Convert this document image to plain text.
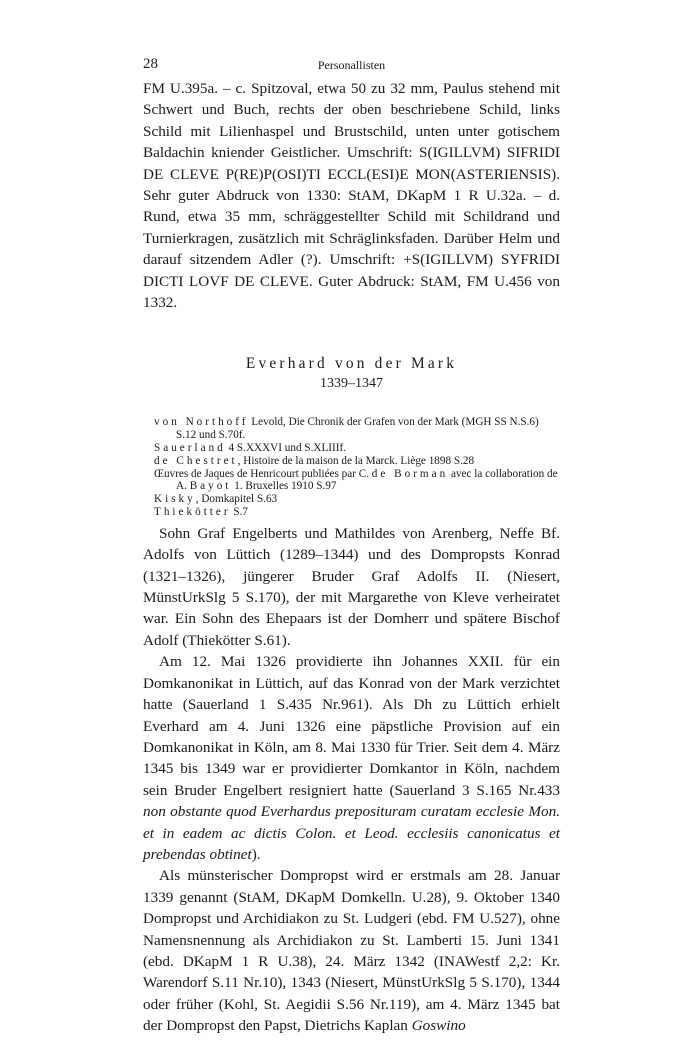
28	Personallisten

FM U.395a. – c. Spitzoval, etwa 50 zu 32 mm, Paulus stehend mit Schwert und Buch, rechts der oben beschriebene Schild, links Schild mit Lilienhaspel und Brustschild, unten unter gotischem Baldachin kniender Geistlicher. Umschrift: S(IGILLVM) SIFRIDI DE CLEVE P(RE)P(OSI)TI ECCL(ESI)E MON(ASTERIENSIS). Sehr guter Abdruck von 1330: StAM, DKapM 1 R U.32a. – d. Rund, etwa 35 mm, schräggestellter Schild mit Schildrand und Turnierkragen, zusätzlich mit Schräglinksfaden. Darüber Helm und darauf sitzendem Adler (?). Umschrift: +S(IGILLVM) SYFRIDI DICTI LOVF DE CLEVE. Guter Abdruck: StAM, FM U.456 von 1332.

Everhard von der Mark
1339–1347
von Northoff Levold, Die Chronik der Grafen von der Mark (MGH SS N.S.6) S.12 und S.70f.
Sauerland 4 S.XXXVI und S.XLIIIf.
de Chestret, Histoire de la maison de la Marck. Liège 1898 S.28
Œuvres de Jaques de Henricourt publiées par C. de Borman avec la collaboration de A. Bayot 1. Bruxelles 1910 S.97
Kisky, Domkapitel S.63
Thiekötter S.7

Sohn Graf Engelberts und Mathildes von Arenberg, Neffe Bf. Adolfs von Lüttich (1289–1344) und des Dompropsts Konrad (1321–1326), jüngerer Bruder Graf Adolfs II. (Niesert, MünstUrkSlg 5 S.170), der mit Margarethe von Kleve verheiratet war. Ein Sohn des Ehepaars ist der Domherr und spätere Bischof Adolf (Thiekötter S.61).

Am 12. Mai 1326 providierte ihn Johannes XXII. für ein Domkanonikat in Lüttich, auf das Konrad von der Mark verzichtet hatte (Sauerland 1 S.435 Nr.961). Als Dh zu Lüttich erhielt Everhard am 4. Juni 1326 eine päpstliche Provision auf ein Domkanonikat in Köln, am 8. Mai 1330 für Trier. Seit dem 4. März 1345 bis 1349 war er providierter Domkantor in Köln, nachdem sein Bruder Engelbert resigniert hatte (Sauerland 3 S.165 Nr.433 non obstante quod Everhardus preposituram curatam ecclesie Mon. et in eadem ac dictis Colon. et Leod. ecclesiis canonicatus et prebendas obtinet).

Als münsterischer Dompropst wird er erstmals am 28. Januar 1339 genannt (StAM, DKapM Domkelln. U.28), 9. Oktober 1340 Dompropst und Archidiakon zu St. Ludgeri (ebd. FM U.527), ohne Namensnennung als Archidiakon zu St. Lamberti 15. Juni 1341 (ebd. DKapM 1 R U.38), 24. März 1342 (INAWestf 2,2: Kr. Warendorf S.11 Nr.10), 1343 (Niesert, MünstUrkSlg 5 S.170), 1344 oder früher (Kohl, St. Aegidii S.56 Nr.119), am 4. März 1345 bat der Dompropst den Papst, Dietrichs Kaplan Goswino
